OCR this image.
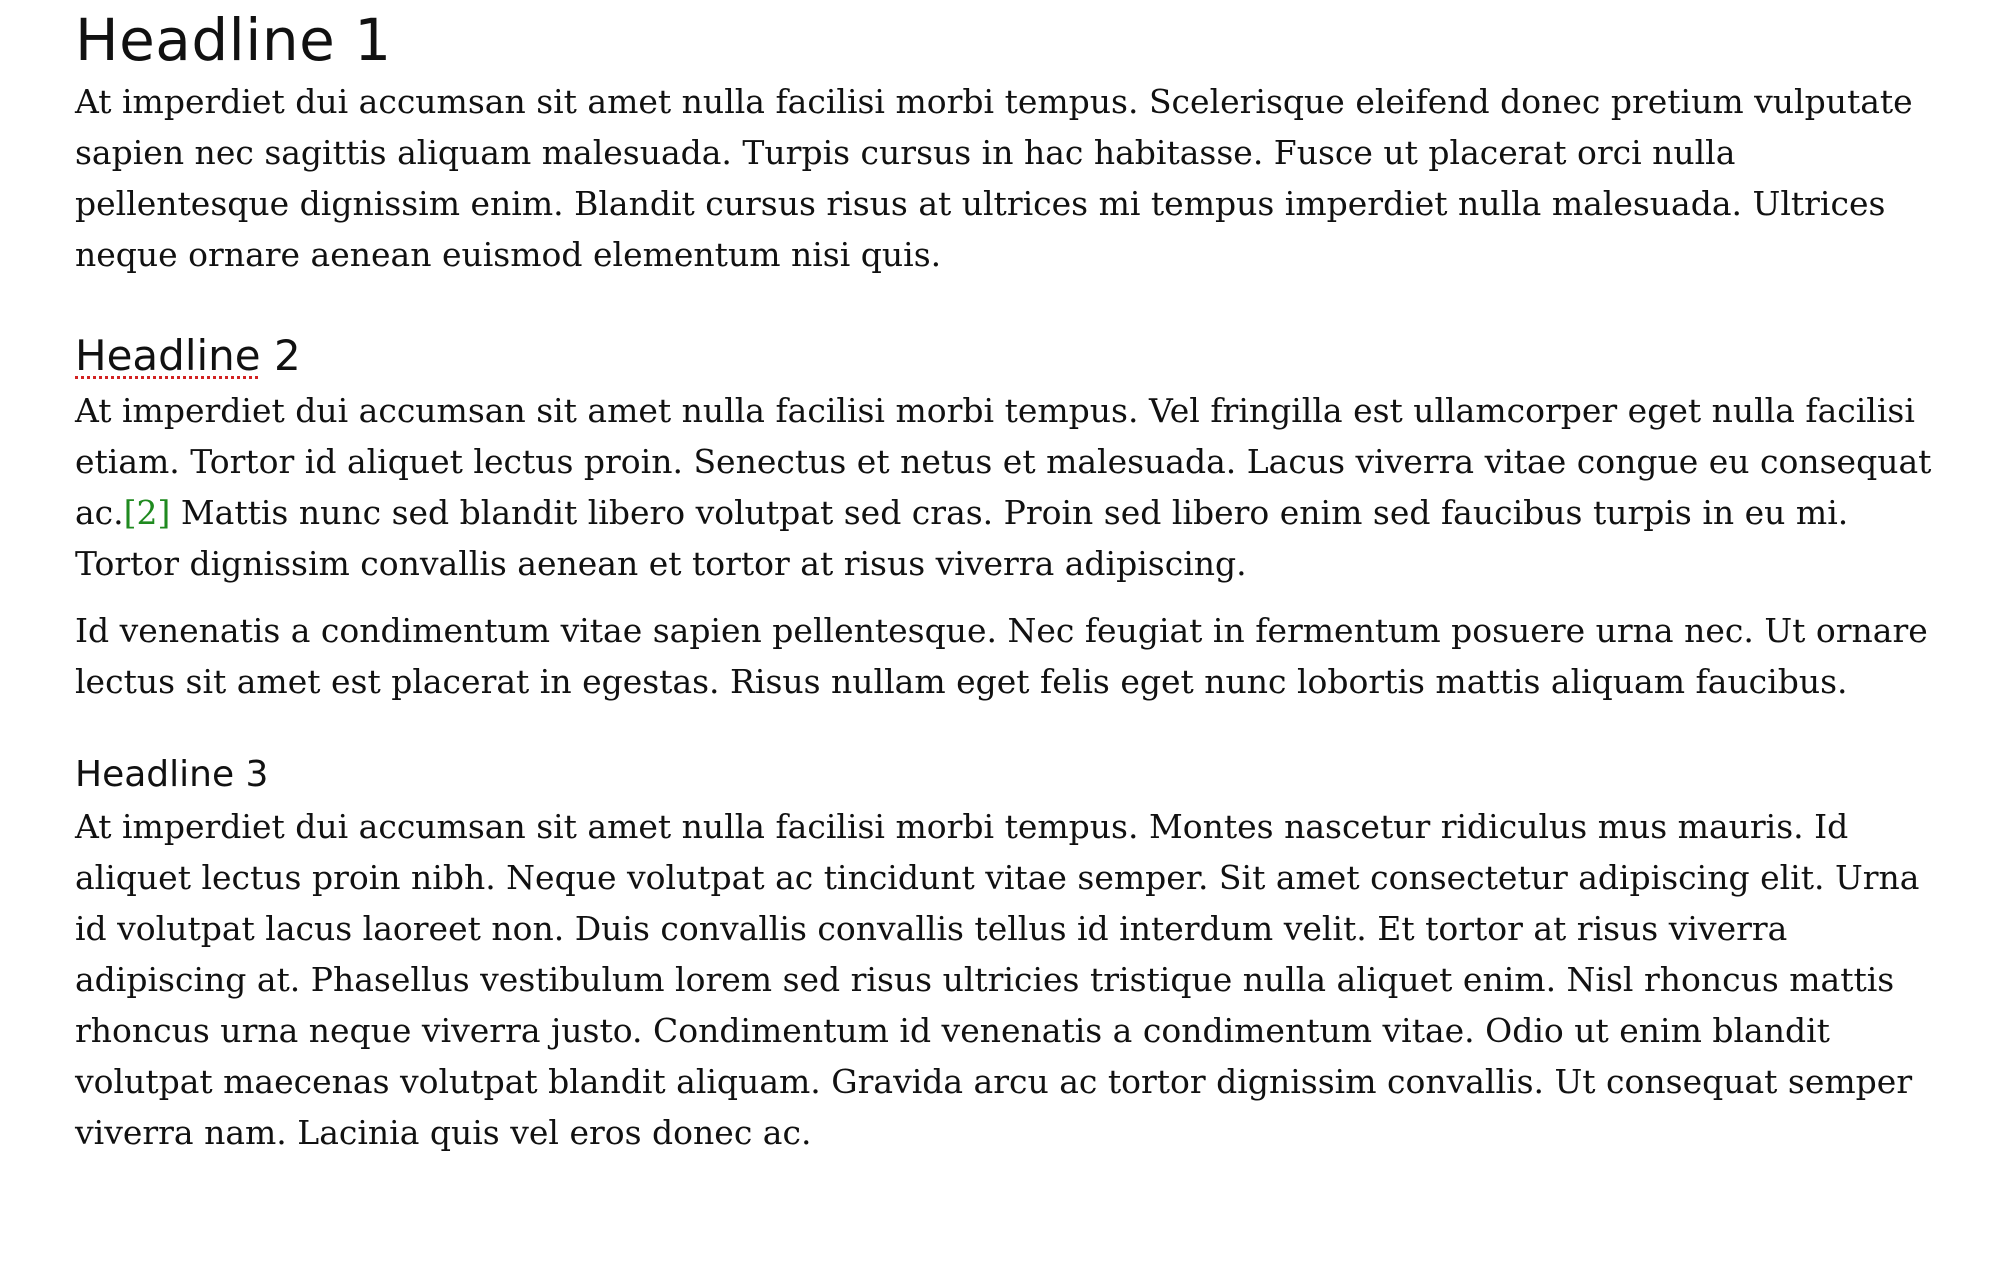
Headline 1

At imperdiet dui accumsan sit amet nulla facilisi morbi tempus. Scelerisque eleifend donec pretium vulputate
sapien nec sagittis aliquam malesuada. Turpis cursus in hac habitasse. Fusce ut placerat orci nulla
pellentesque dignissim enim. Blandit cursus risus at ultrices mi tempus imperdiet nulla malesuada. Ultrices
neque ornare aenean euismod elementum nisi quis.

Headline 2

At imperdiet dui accumsan sit amet nulla facilisi morbi tempus. Vel fringilla est ullamcorper eget nulla facilisi
etiam. Tortor id aliquet lectus proin. Senectus et netus et malesuada. Lacus viverra vitae congue eu consequat
ac.[2] Mattis nunc sed blandit libero volutpat sed cras. Proin sed libero enim sed faucibus turpis in eu mi.
Tortor dignissim convallis aenean et tortor at risus viverra adipiscing.

Id venenatis a condimentum vitae sapien pellentesque. Nec feugiat in fermentum posuere urna nec. Ut ornare
lectus sit amet est placerat in egestas. Risus nullam eget felis eget nunc lobortis mattis aliquam faucibus.

Headline 3

At imperdiet dui accumsan sit amet nulla facilisi morbi tempus. Montes nascetur ridiculus mus mauris. Id
aliquet lectus proin nibh. Neque volutpat ac tincidunt vitae semper. Sit amet consectetur adipiscing elit. Urna
id volutpat lacus laoreet non. Duis convallis convallis tellus id interdum velit. Et tortor at risus viverra
adipiscing at. Phasellus vestibulum lorem sed risus ultricies tristique nulla aliquet enim. Nisl rhoncus mattis
rhoncus urna neque viverra justo. Condimentum id venenatis a condimentum vitae. Odio ut enim blandit
volutpat maecenas volutpat blandit aliquam. Gravida arcu ac tortor dignissim convallis. Ut consequat semper
viverra nam. Lacinia quis vel eros donec ac.
